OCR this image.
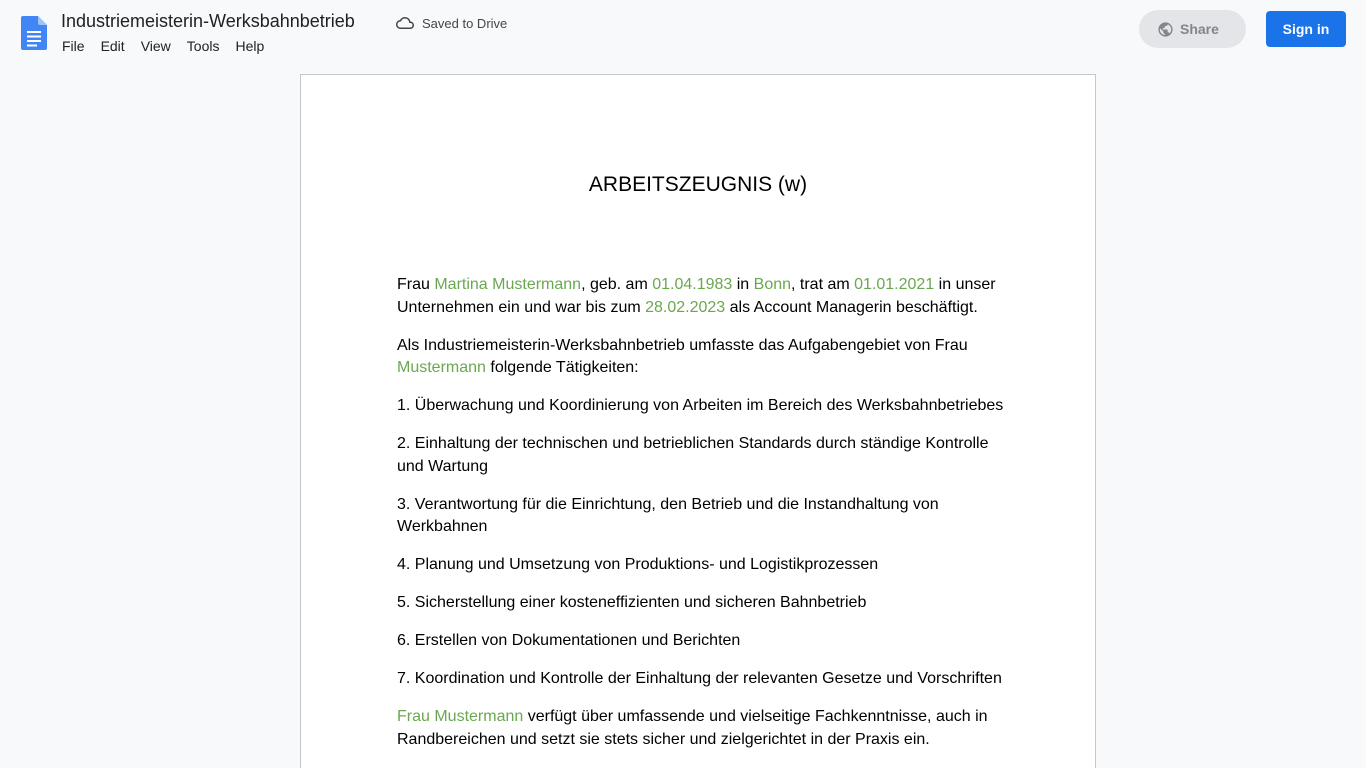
Industriemeisterin-Werksbahnbetrieb	Saved to Drive
File Edit View Tools Help
Share	Sign in
ARBEITSZEUGNIS (w)

Frau Martina Mustermann, geb. am 01.04.1983 in Bonn, trat am 01.01.2021 in unser Unternehmen ein und war bis zum 28.02.2023 als Account Managerin beschäftigt.

Als Industriemeisterin-Werksbahnbetrieb umfasste das Aufgabengebiet von Frau Mustermann folgende Tätigkeiten:

1. Überwachung und Koordinierung von Arbeiten im Bereich des Werksbahnbetriebes

2. Einhaltung der technischen und betrieblichen Standards durch ständige Kontrolle und Wartung

3. Verantwortung für die Einrichtung, den Betrieb und die Instandhaltung von Werkbahnen

4. Planung und Umsetzung von Produktions- und Logistikprozessen

5. Sicherstellung einer kosteneffizienten und sicheren Bahnbetrieb

6. Erstellen von Dokumentationen und Berichten

7. Koordination und Kontrolle der Einhaltung der relevanten Gesetze und Vorschriften

Frau Mustermann verfügt über umfassende und vielseitige Fachkenntnisse, auch in Randbereichen und setzt sie stets sicher und zielgerichtet in der Praxis ein.
